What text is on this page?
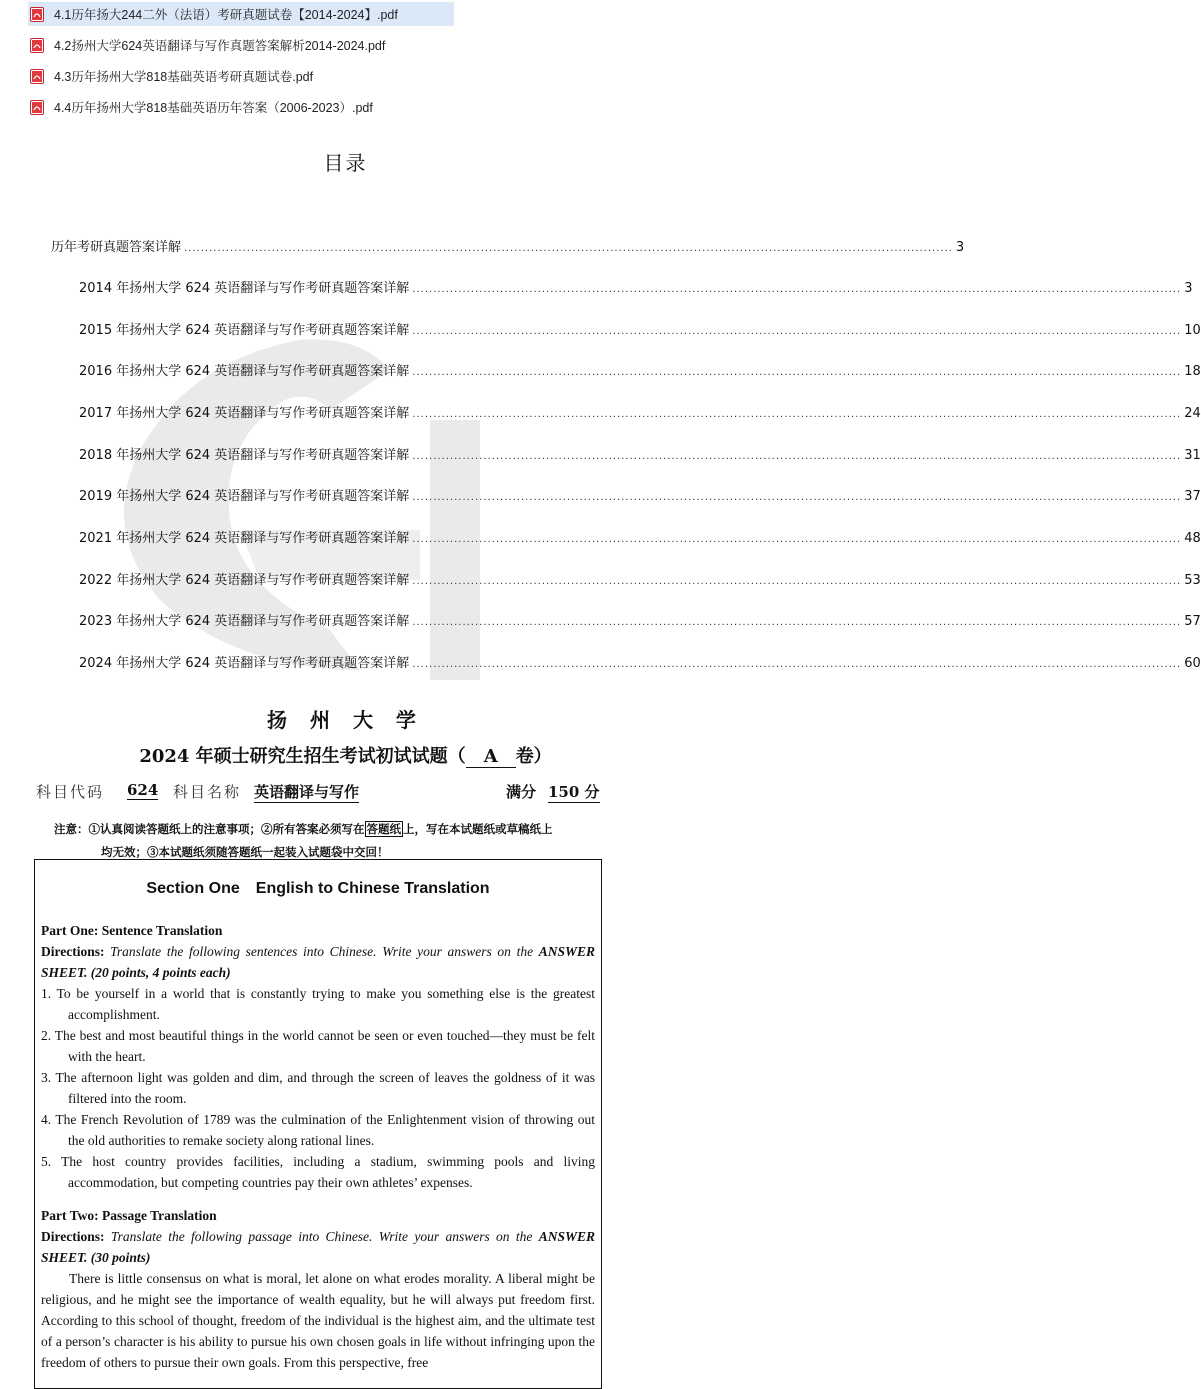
4.1历年扬大244二外（法语）考研真题试卷【2014-2024】.pdf
4.2扬州大学624英语翻译与写作真题答案解析2014-2024.pdf
4.3历年扬州大学818基础英语考研真题试卷.pdf
4.4历年扬州大学818基础英语历年答案（2006-2023）.pdf
目录
历年考研真题答案详解 ........................................................................................................................................................................................ 3
2014 年扬州大学 624 英语翻译与写作考研真题答案详解 ........................................................................................................................................................................................ 3
2015 年扬州大学 624 英语翻译与写作考研真题答案详解 ........................................................................................................................................................................................ 10
2016 年扬州大学 624 英语翻译与写作考研真题答案详解 ........................................................................................................................................................................................ 18
2017 年扬州大学 624 英语翻译与写作考研真题答案详解 ........................................................................................................................................................................................ 24
2018 年扬州大学 624 英语翻译与写作考研真题答案详解 ........................................................................................................................................................................................ 31
2019 年扬州大学 624 英语翻译与写作考研真题答案详解 ........................................................................................................................................................................................ 37
2021 年扬州大学 624 英语翻译与写作考研真题答案详解 ........................................................................................................................................................................................ 48
2022 年扬州大学 624 英语翻译与写作考研真题答案详解 ........................................................................................................................................................................................ 53
2023 年扬州大学 624 英语翻译与写作考研真题答案详解 ........................................................................................................................................................................................ 57
2024 年扬州大学 624 英语翻译与写作考研真题答案详解 ........................................................................................................................................................................................ 60
扬 州 大 学
2024 年硕士研究生招生考试初试试题（ A 卷）
科目代码 624 科目名称 英语翻译与写作	满分 150 分
注意：①认真阅读答题纸上的注意事项；②所有答案必须写在 答题纸 上，写在本试题纸或草稿纸上
均无效；③本试题纸须随答题纸一起装入试题袋中交回！
Section One English to Chinese Translation

Part One: Sentence Translation

Directions: Translate the following sentences into Chinese. Write your answers on the ANSWER SHEET. (20 points, 4 points each)

1. To be yourself in a world that is constantly trying to make you something else is the greatest accomplishment.

2. The best and most beautiful things in the world cannot be seen or even touched—they must be felt with the heart.

3. The afternoon light was golden and dim, and through the screen of leaves the goldness of it was filtered into the room.

4. The French Revolution of 1789 was the culmination of the Enlightenment vision of throwing out the old authorities to remake society along rational lines.

5. The host country provides facilities, including a stadium, swimming pools and living accommodation, but competing countries pay their own athletes’ expenses.

Part Two: Passage Translation

Directions: Translate the following passage into Chinese. Write your answers on the ANSWER SHEET. (30 points)

There is little consensus on what is moral, let alone on what erodes morality. A liberal might be religious, and he might see the importance of wealth equality, but he will always put freedom first. According to this school of thought, freedom of the individual is the highest aim, and the ultimate test of a person’s character is his ability to pursue his own chosen goals in life without infringing upon the freedom of others to pursue their own goals. From this perspective, free
